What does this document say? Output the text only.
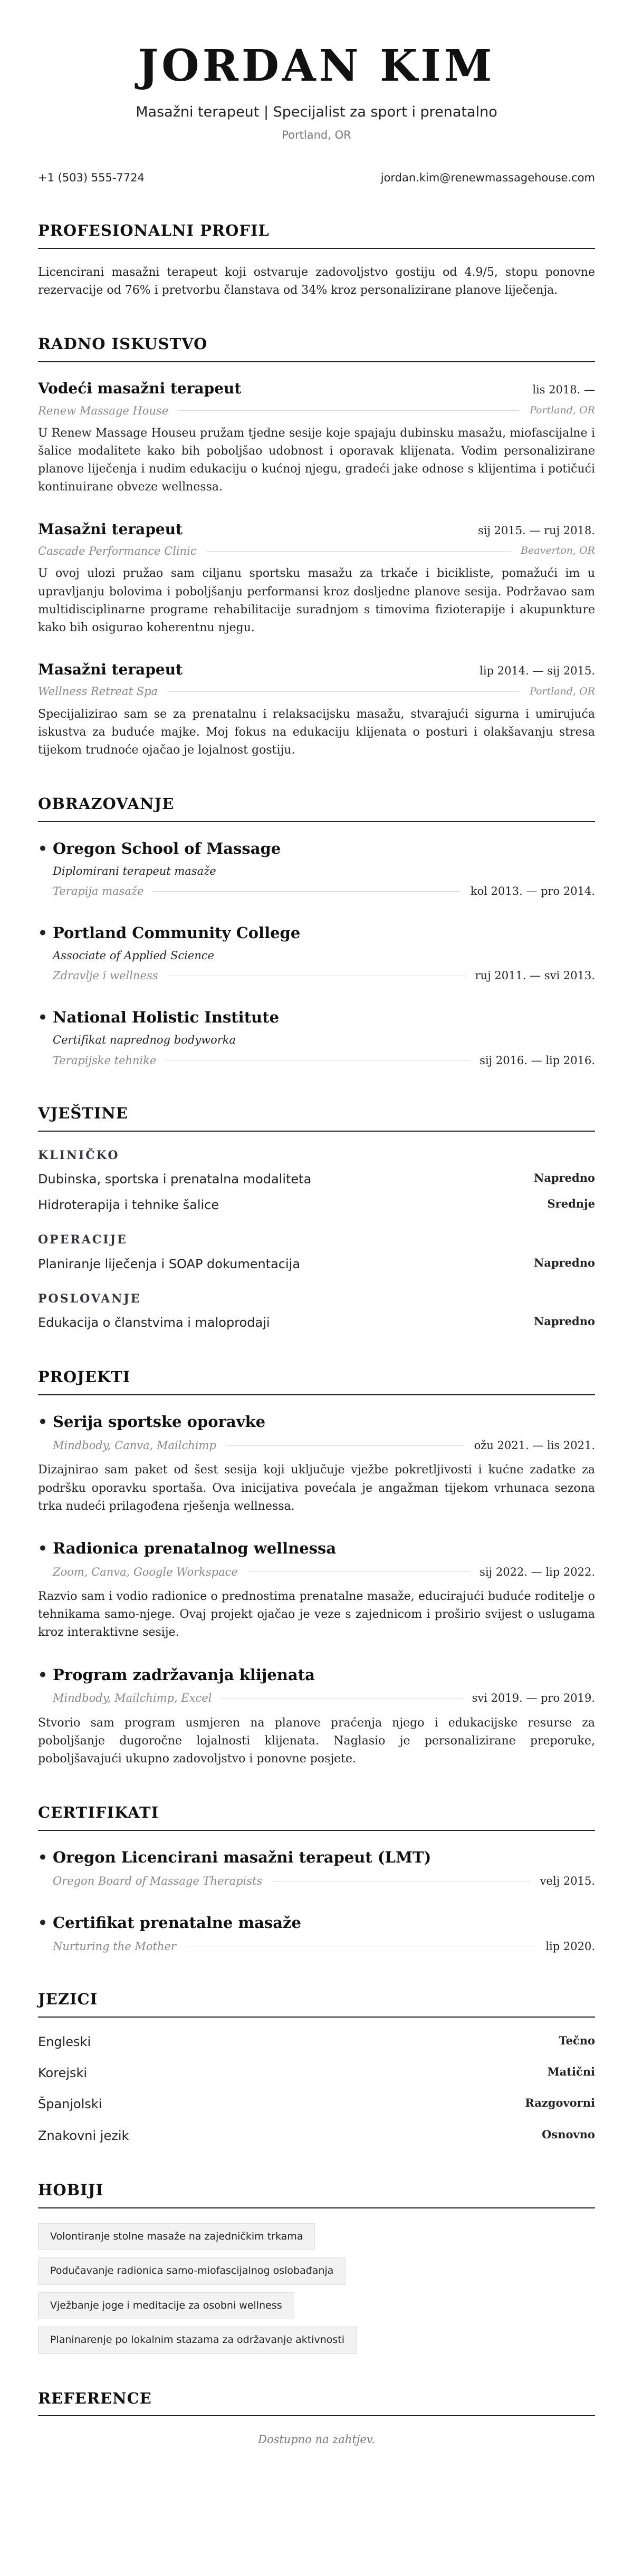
JORDAN KIM
Masažni terapeut | Specijalist za sport i prenatalno
Portland, OR
+1 (503) 555-7724	jordan.kim@renewmassagehouse.com
PROFESIONALNI PROFIL

Licencirani masažni terapeut koji ostvaruje zadovoljstvo gostiju od 4.9/5, stopu ponovne rezervacije od 76% i pretvorbu članstava od 34% kroz personalizirane planove liječenja.

RADNO ISKUSTVO
Vodeći masažni terapeut	lis 2018. —
Renew Massage House	Portland, OR

U Renew Massage Houseu pružam tjedne sesije koje spajaju dubinsku masažu, miofascijalne i šalice modalitete kako bih poboljšao udobnost i oporavak klijenata. Vodim personalizirane planove liječenja i nudim edukaciju o kućnoj njegu, gradeći jake odnose s klijentima i potičući kontinuirane obveze wellnessa.

Masažni terapeut	sij 2015. — ruj 2018.
Cascade Performance Clinic	Beaverton, OR

U ovoj ulozi pružao sam ciljanu sportsku masažu za trkače i bicikliste, pomažući im u upravljanju bolovima i poboljšanju performansi kroz dosljedne planove sesija. Podržavao sam multidisciplinarne programe rehabilitacije suradnjom s timovima fizioterapije i akupunkture kako bih osigurao koherentnu njegu.

Masažni terapeut	lip 2014. — sij 2015.
Wellness Retreat Spa	Portland, OR

Specijalizirao sam se za prenatalnu i relaksacijsku masažu, stvarajući sigurna i umirujuća iskustva za buduće majke. Moj fokus na edukaciju klijenata o posturi i olakšavanju stresa tijekom trudnoće ojačao je lojalnost gostiju.

OBRAZOVANJE
• Oregon School of Massage
Diplomirani terapeut masaže
Terapija masaže	kol 2013. — pro 2014.
• Portland Community College
Associate of Applied Science
Zdravlje i wellness	ruj 2011. — svi 2013.
• National Holistic Institute
Certifikat naprednog bodyworka
Terapijske tehnike	sij 2016. — lip 2016.
VJEŠTINE
KLINIČKO
Dubinska, sportska i prenatalna modaliteta	Napredno
Hidroterapija i tehnike šalice	Srednje
OPERACIJE
Planiranje liječenja i SOAP dokumentacija	Napredno
POSLOVANJE
Edukacija o članstvima i maloprodaji	Napredno
PROJEKTI
• Serija sportske oporavke
Mindbody, Canva, Mailchimp	ožu 2021. — lis 2021.

Dizajnirao sam paket od šest sesija koji uključuje vježbe pokretljivosti i kućne zadatke za podršku oporavku sportaša. Ova inicijativa povećala je angažman tijekom vrhunaca sezona trka nudeći prilagođena rješenja wellnessa.

• Radionica prenatalnog wellnessa
Zoom, Canva, Google Workspace	sij 2022. — lip 2022.

Razvio sam i vodio radionice o prednostima prenatalne masaže, educirajući buduće roditelje o tehnikama samo-njege. Ovaj projekt ojačao je veze s zajednicom i proširio svijest o uslugama kroz interaktivne sesije.

• Program zadržavanja klijenata
Mindbody, Mailchimp, Excel	svi 2019. — pro 2019.

Stvorio sam program usmjeren na planove praćenja njego i edukacijske resurse za poboljšanje dugoročne lojalnosti klijenata. Naglasio je personalizirane preporuke, poboljšavajući ukupno zadovoljstvo i ponovne posjete.

CERTIFIKATI
• Oregon Licencirani masažni terapeut (LMT)
Oregon Board of Massage Therapists	velj 2015.
• Certifikat prenatalne masaže
Nurturing the Mother	lip 2020.
JEZICI
Engleski	Tečno
Korejski	Matični
Španjolski	Razgovorni
Znakovni jezik	Osnovno
HOBIJI
Volontiranje stolne masaže na zajedničkim trkama
Podučavanje radionica samo-miofascijalnog oslobađanja
Vježbanje joge i meditacije za osobni wellness
Planinarenje po lokalnim stazama za održavanje aktivnosti
REFERENCE
Dostupno na zahtjev.
